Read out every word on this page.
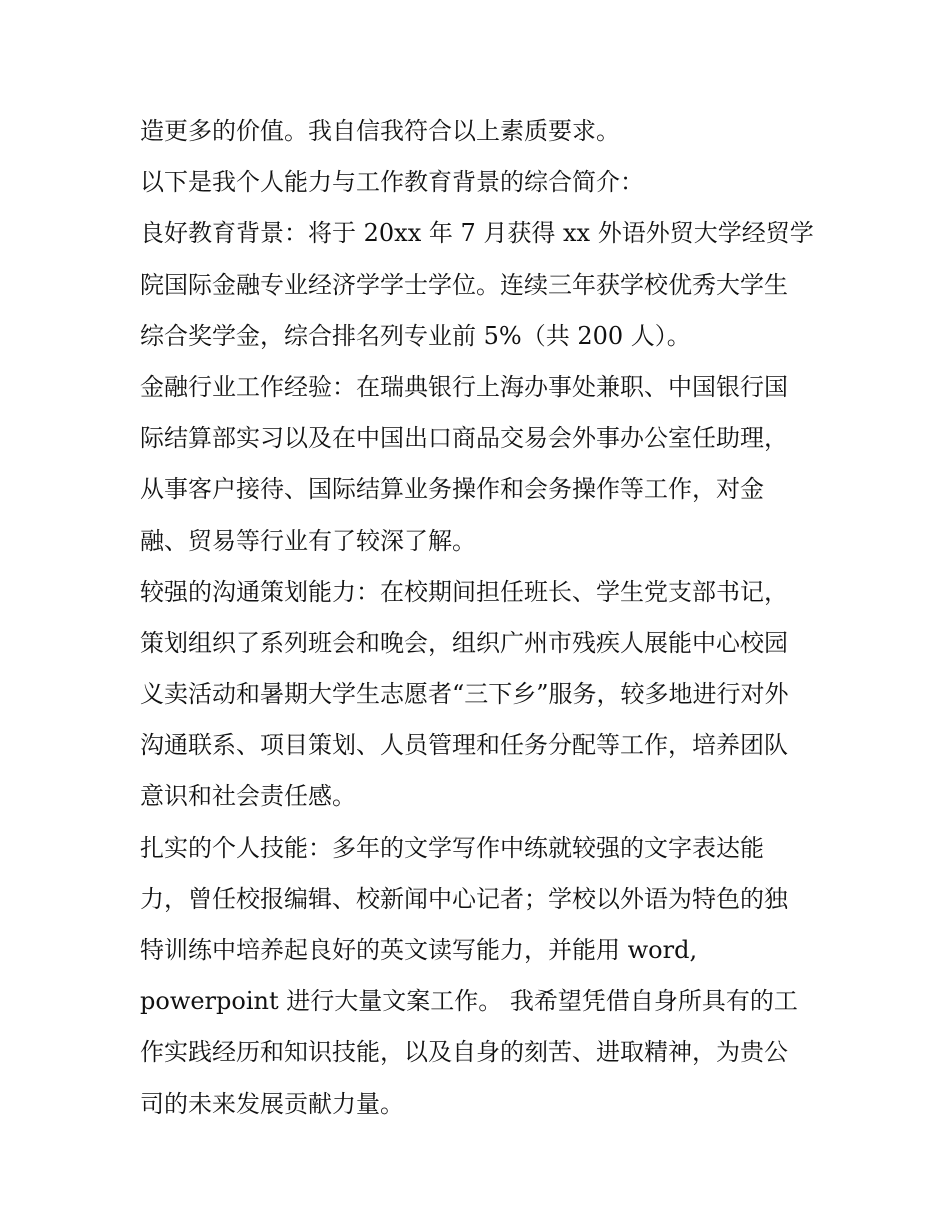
造更多的价值。我自信我符合以上素质要求。
以下是我个人能力与工作教育背景的综合简介：
良好教育背景：将于 20xx 年 7 月获得 xx 外语外贸大学经贸学
院国际金融专业经济学学士学位。连续三年获学校优秀大学生
综合奖学金，综合排名列专业前 5%（共 200 人）。
金融行业工作经验：在瑞典银行上海办事处兼职、中国银行国
际结算部实习以及在中国出口商品交易会外事办公室任助理，
从事客户接待、国际结算业务操作和会务操作等工作，对金
融、贸易等行业有了较深了解。
较强的沟通策划能力：在校期间担任班长、学生党支部书记，
策划组织了系列班会和晚会，组织广州市残疾人展能中心校园
义卖活动和暑期大学生志愿者“三下乡”服务，较多地进行对外
沟通联系、项目策划、人员管理和任务分配等工作，培养团队
意识和社会责任感。
扎实的个人技能：多年的文学写作中练就较强的文字表达能
力，曾任校报编辑、校新闻中心记者；学校以外语为特色的独
特训练中培养起良好的英文读写能力，并能用 word,
powerpoint 进行大量文案工作。 我希望凭借自身所具有的工
作实践经历和知识技能，以及自身的刻苦、进取精神，为贵公
司的未来发展贡献力量。
